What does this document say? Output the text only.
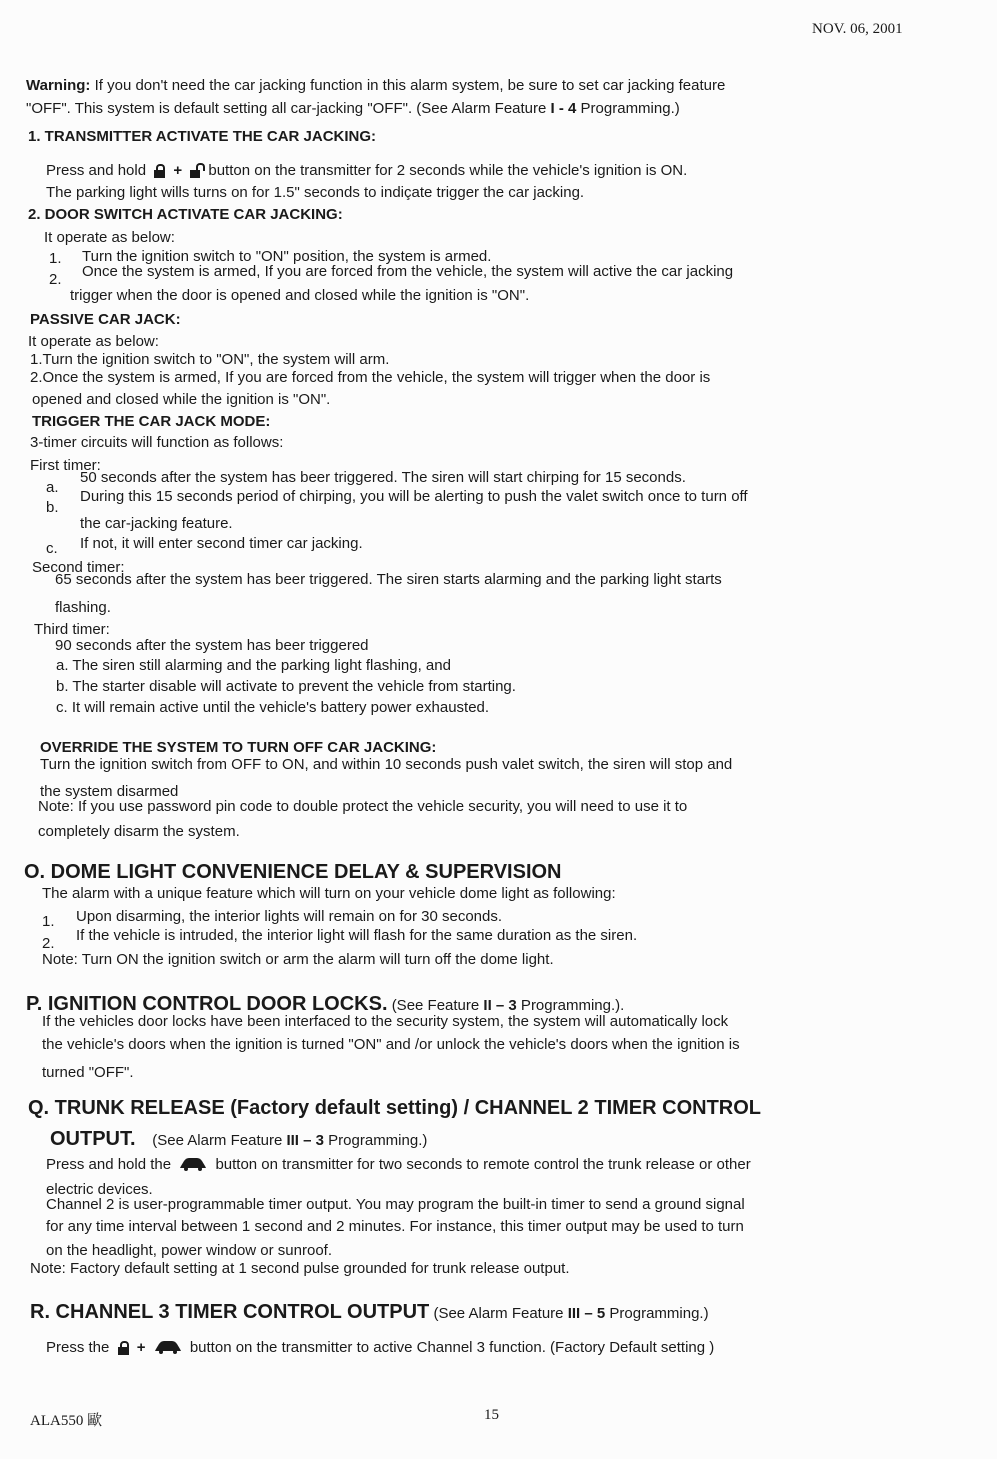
NOV. 06, 2001
Warning: If you don't need the car jacking function in this alarm system, be sure to set car jacking feature
"OFF". This system is default setting all car-jacking "OFF". (See Alarm Feature I - 4 Programming.)
1. TRANSMITTER ACTIVATE THE CAR JACKING:
Press and hold + button on the transmitter for 2 seconds while the vehicle's ignition is ON.
The parking light wills turns on for 1.5" seconds to indiçate trigger the car jacking.
2. DOOR SWITCH ACTIVATE CAR JACKING:
It operate as below:
1. Turn the ignition switch to "ON" position, the system is armed.
2. Once the system is armed, If you are forced from the vehicle, the system will active the car jacking
trigger when the door is opened and closed while the ignition is "ON".
PASSIVE CAR JACK:
It operate as below:
1.Turn the ignition switch to "ON", the system will arm.
2.Once the system is armed, If you are forced from the vehicle, the system will trigger when the door is
opened and closed while the ignition is "ON".
TRIGGER THE CAR JACK MODE:
3-timer circuits will function as follows:
First timer:
a.
50 seconds after the system has beer triggered. The siren will start chirping for 15 seconds.
b.
During this 15 seconds period of chirping, you will be alerting to push the valet switch once to turn off
the car-jacking feature.
c. If not, it will enter second timer car jacking.
Second timer:
65 seconds after the system has beer triggered. The siren starts alarming and the parking light starts
flashing.
Third timer:
90 seconds after the system has beer triggered
a. The siren still alarming and the parking light flashing, and
b. The starter disable will activate to prevent the vehicle from starting.
c. It will remain active until the vehicle's battery power exhausted.
OVERRIDE THE SYSTEM TO TURN OFF CAR JACKING:
Turn the ignition switch from OFF to ON, and within 10 seconds push valet switch, the siren will stop and
the system disarmed
Note: If you use password pin code to double protect the vehicle security, you will need to use it to
completely disarm the system.
O. DOME LIGHT CONVENIENCE DELAY & SUPERVISION
The alarm with a unique feature which will turn on your vehicle dome light as following:
1. Upon disarming, the interior lights will remain on for 30 seconds.
2. If the vehicle is intruded, the interior light will flash for the same duration as the siren.
Note: Turn ON the ignition switch or arm the alarm will turn off the dome light.
P. IGNITION CONTROL DOOR LOCKS. (See Feature II – 3 Programming.).
If the vehicles door locks have been interfaced to the security system, the system will automatically lock
the vehicle's doors when the ignition is turned "ON" and /or unlock the vehicle's doors when the ignition is
turned "OFF".
Q. TRUNK RELEASE (Factory default setting) / CHANNEL 2 TIMER CONTROL
OUTPUT. (See Alarm Feature III – 3 Programming.)
Press and hold the	button on transmitter for two seconds to remote control the trunk release or other
electric devices.
Channel 2 is user-programmable timer output. You may program the built-in timer to send a ground signal
for any time interval between 1 second and 2 minutes. For instance, this timer output may be used to turn
on the headlight, power window or sunroof.
Note: Factory default setting at 1 second pulse grounded for trunk release output.
R. CHANNEL 3 TIMER CONTROL OUTPUT (See Alarm Feature III – 5 Programming.)
Press the +	button on the transmitter to active Channel 3 function. (Factory Default setting )
ALA550 歐	15
